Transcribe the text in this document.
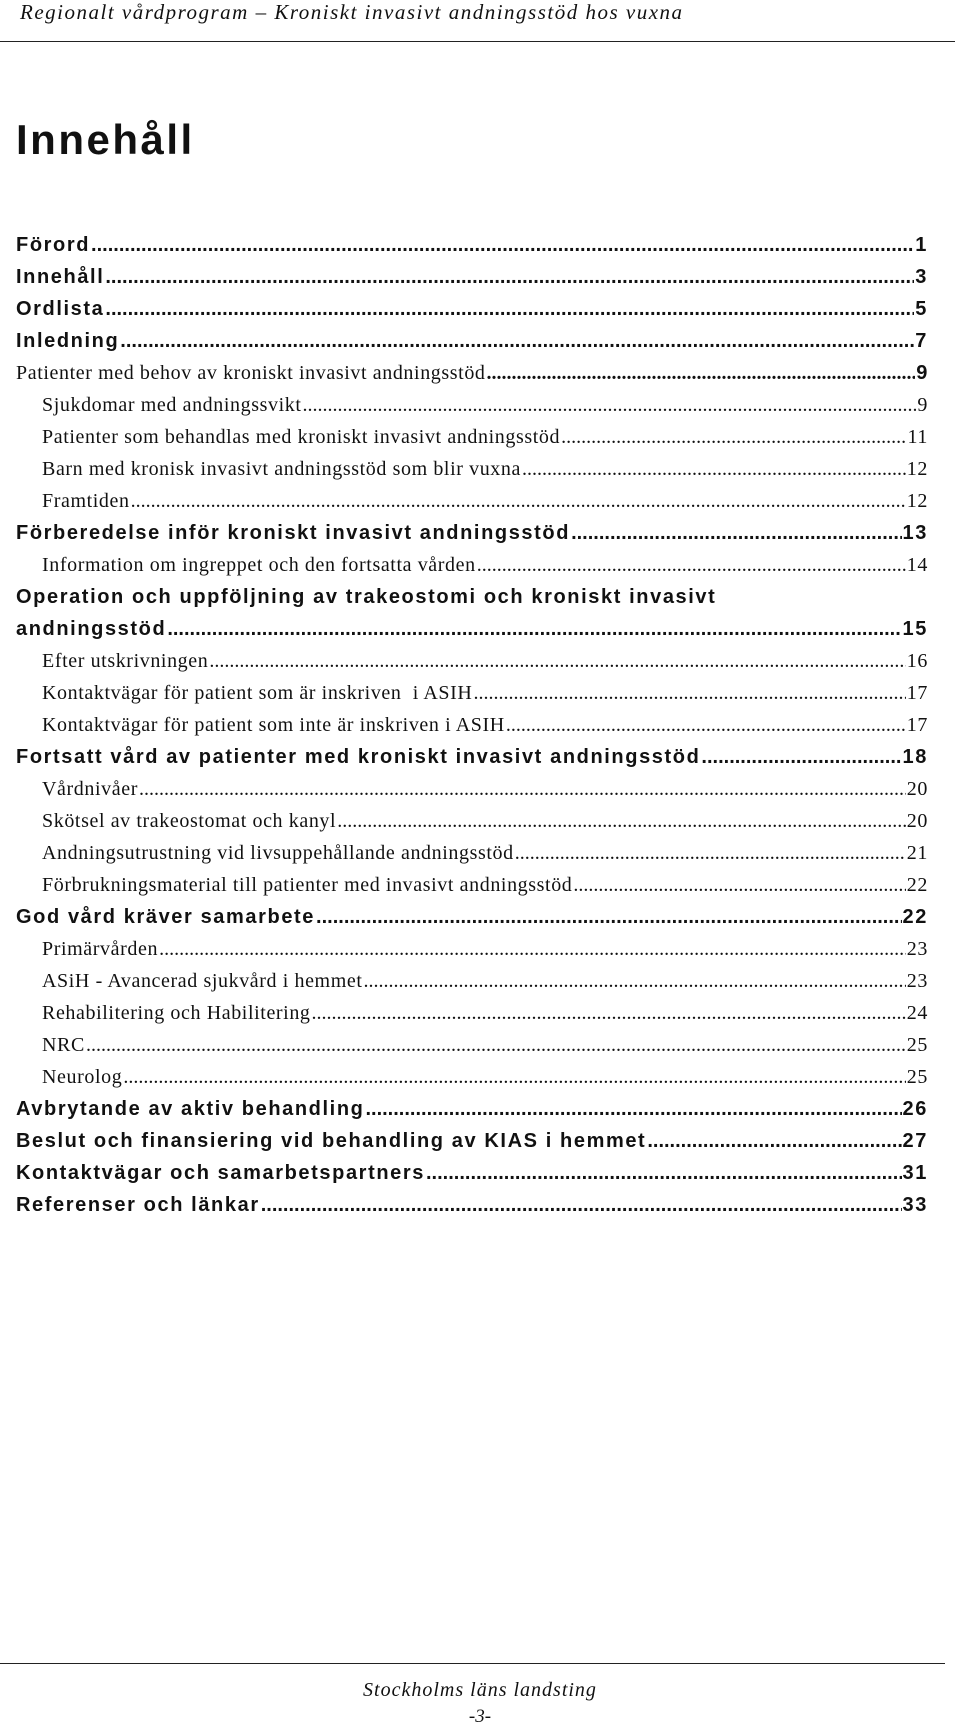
Regionalt vårdprogram – Kroniskt invasivt andningsstöd hos vuxna
Innehåll
Förord .....	1
Innehåll .....	3
Ordlista .....	5
Inledning .....	7
Patienter med behov av kroniskt invasivt andningsstöd .....	9
Sjukdomar med andningssvikt .....	9
Patienter som behandlas med kroniskt invasivt andningsstöd .....	11
Barn med kronisk invasivt andningsstöd som blir vuxna .....	12
Framtiden .....	12
Förberedelse inför kroniskt invasivt andningsstöd .....	13
Information om ingreppet och den fortsatta vården .....	14
Operation och uppföljning av trakeostomi och kroniskt invasivt
andningsstöd .....	15
Efter utskrivningen .....	16
Kontaktvägar för patient som är inskriven  i ASIH .....	17
Kontaktvägar för patient som inte är inskriven i ASIH .....	17
Fortsatt vård av patienter med kroniskt invasivt andningsstöd .....	18
Vårdnivåer .....	20
Skötsel av trakeostomat och kanyl .....	20
Andningsutrustning vid livsuppehållande andningsstöd .....	21
Förbrukningsmaterial till patienter med invasivt andningsstöd .....	22
God vård kräver samarbete .....	22
Primärvården .....	23
ASiH - Avancerad sjukvård i hemmet .....	23
Rehabilitering och Habilitering .....	24
NRC .....	25
Neurolog .....	25
Avbrytande av aktiv behandling .....	26
Beslut och finansiering vid behandling av KIAS i hemmet .....	27
Kontaktvägar och samarbetspartners .....	31
Referenser och länkar .....	33
Stockholms läns landsting
-3-
